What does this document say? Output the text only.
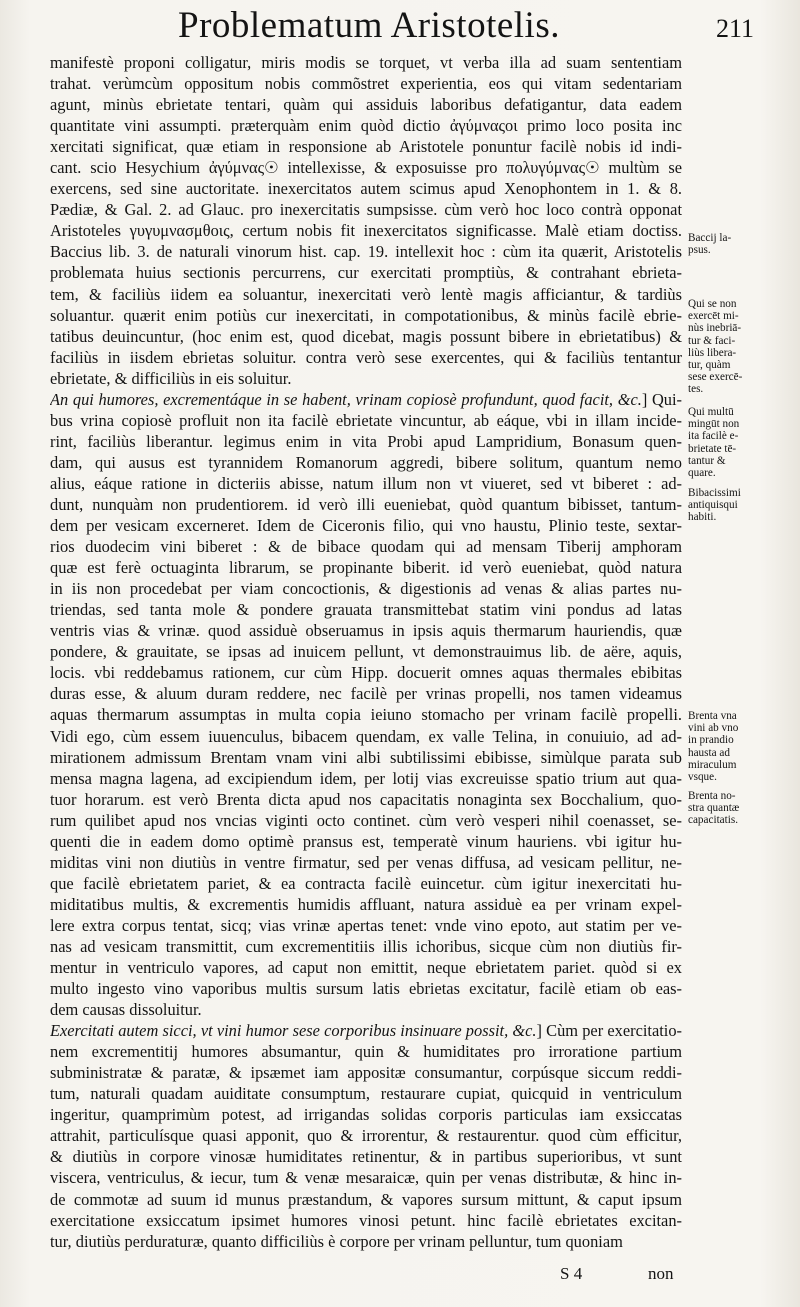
Problematum Aristotelis.	211
manifestè proponi colligatur, miris modis se torquet, vt verba illa ad suam sententiam
trahat. verùmcùm oppositum nobis commõstret experientia, eos qui vitam sedentariam
agunt, minùs ebrietate tentari, quàm qui assiduis laboribus defatigantur, data eadem
quantitate vini assumpti. præterquàm enim quòd dictio ἀγύμναςοι primo loco posita inc
xercitati significat, quæ etiam in responsione ab Aristotele ponuntur facilè nobis id indi-
cant. scio Hesychium ἀγύμνας☉ intellexisse, & exposuisse pro πολυγύμνας☉ multùm se
exercens, sed sine auctoritate. inexercitatos autem scimus apud Xenophontem in 1. & 8.
Pædiæ, & Gal. 2. ad Glauc. pro inexercitatis sumpsisse. cùm verò hoc loco contrà opponat
Aristoteles γυγυμνασμθοις, certum nobis fit inexercitatos significasse. Malè etiam doctiss.
Baccius lib. 3. de naturali vinorum hist. cap. 19. intellexit hoc : cùm ita quærit, Aristotelis
problemata huius sectionis percurrens, cur exercitati promptiùs, & contrahant ebrieta-
tem, & faciliùs iidem ea soluantur, inexercitati verò lentè magis afficiantur, & tardiùs
soluantur. quærit enim potiùs cur inexercitati, in compotationibus, & minùs facilè ebrie-
tatibus deuincuntur, (hoc enim est, quod dicebat, magis possunt bibere in ebrietatibus) &
faciliùs in iisdem ebrietas soluitur. contra verò sese exercentes, qui & faciliùs tentantur
ebrietate, & difficiliùs in eis soluitur.
An qui humores, excrementáque in se habent, vrinam copiosè profundunt, quod facit, &c.] Qui-
bus vrina copiosè profluit non ita facilè ebrietate vincuntur, ab eáque, vbi in illam incide-
rint, faciliùs liberantur. legimus enim in vita Probi apud Lampridium, Bonasum quen-
dam, qui ausus est tyrannidem Romanorum aggredi, bibere solitum, quantum nemo
alius, eáque ratione in dicteriis abisse, natum illum non vt viueret, sed vt biberet : ad-
dunt, nunquàm non prudentiorem. id verò illi eueniebat, quòd quantum bibisset, tantum-
dem per vesicam excerneret. Idem de Ciceronis filio, qui vno haustu, Plinio teste, sextar-
rios duodecim vini biberet : & de bibace quodam qui ad mensam Tiberij amphoram
quæ est ferè octuaginta librarum, se propinante biberit. id verò eueniebat, quòd natura
in iis non procedebat per viam concoctionis, & digestionis ad venas & alias partes nu-
triendas, sed tanta mole & pondere grauata transmittebat statim vini pondus ad latas
ventris vias & vrinæ. quod assiduè obseruamus in ipsis aquis thermarum hauriendis, quæ
pondere, & grauitate, se ipsas ad inuicem pellunt, vt demonstrauimus lib. de aëre, aquis,
locis. vbi reddebamus rationem, cur cùm Hipp. docuerit omnes aquas thermales ebibitas
duras esse, & aluum duram reddere, nec facilè per vrinas propelli, nos tamen videamus
aquas thermarum assumptas in multa copia ieiuno stomacho per vrinam facilè propelli.
Vidi ego, cùm essem iuuenculus, bibacem quendam, ex valle Telina, in conuiuio, ad ad-
mirationem admissum Brentam vnam vini albi subtilissimi ebibisse, simùlque parata sub
mensa magna lagena, ad excipiendum idem, per lotij vias excreuisse spatio trium aut qua-
tuor horarum. est verò Brenta dicta apud nos capacitatis nonaginta sex Bocchalium, quo-
rum quilibet apud nos vncias viginti octo continet. cùm verò vesperi nihil coenasset, se-
quenti die in eadem domo optimè pransus est, temperatè vinum hauriens. vbi igitur hu-
miditas vini non diutiùs in ventre firmatur, sed per venas diffusa, ad vesicam pellitur, ne-
que facilè ebrietatem pariet, & ea contracta facilè euincetur. cùm igitur inexercitati hu-
miditatibus multis, & excrementis humidis affluant, natura assiduè ea per vrinam expel-
lere extra corpus tentat, sicq; vias vrinæ apertas tenet: vnde vino epoto, aut statim per ve-
nas ad vesicam transmittit, cum excrementitiis illis ichoribus, sicque cùm non diutiùs fir-
mentur in ventriculo vapores, ad caput non emittit, neque ebrietatem pariet. quòd si ex
multo ingesto vino vaporibus multis sursum latis ebrietas excitatur, facilè etiam ob eas-
dem causas dissoluitur.
Exercitati autem sicci, vt vini humor sese corporibus insinuare possit, &c.] Cùm per exercitatio-
nem excrementitij humores absumantur, quin & humiditates pro irroratione partium
subministratæ & paratæ, & ipsæmet iam appositæ consumantur, corpúsque siccum reddi-
tum, naturali quadam auiditate consumptum, restaurare cupiat, quicquid in ventriculum
ingeritur, quamprimùm potest, ad irrigandas solidas corporis particulas iam exsiccatas
attrahit, particulísque quasi apponit, quo & irrorentur, & restaurentur. quod cùm efficitur,
& diutiùs in corpore vinosæ humiditates retinentur, & in partibus superioribus, vt sunt
viscera, ventriculus, & iecur, tum & venæ mesaraicæ, quin per venas distributæ, & hinc in-
de commotæ ad suum id munus præstandum, & vapores sursum mittunt, & caput ipsum
exercitatione exsiccatum ipsimet humores vinosi petunt. hinc facilè ebrietates excitan-
tur, diutiùs perduraturæ, quanto difficiliùs è corpore per vrinam pelluntur, tum quoniam
Baccij la-
psus.
Qui se non
exercēt mi-
nùs inebriā-
tur & faci-
liùs libera-
tur, quàm
sese exercē-
tes.
Qui multū
mingūt non
ita facilè e-
brietate tē-
tantur &
quare.
Bibacissimi
antiquisqui
habiti.
Brenta vna
vini ab vno
in prandio
hausta ad
miraculum
vsque.
Brenta no-
stra quantæ
capacitatis.
S 4	non
